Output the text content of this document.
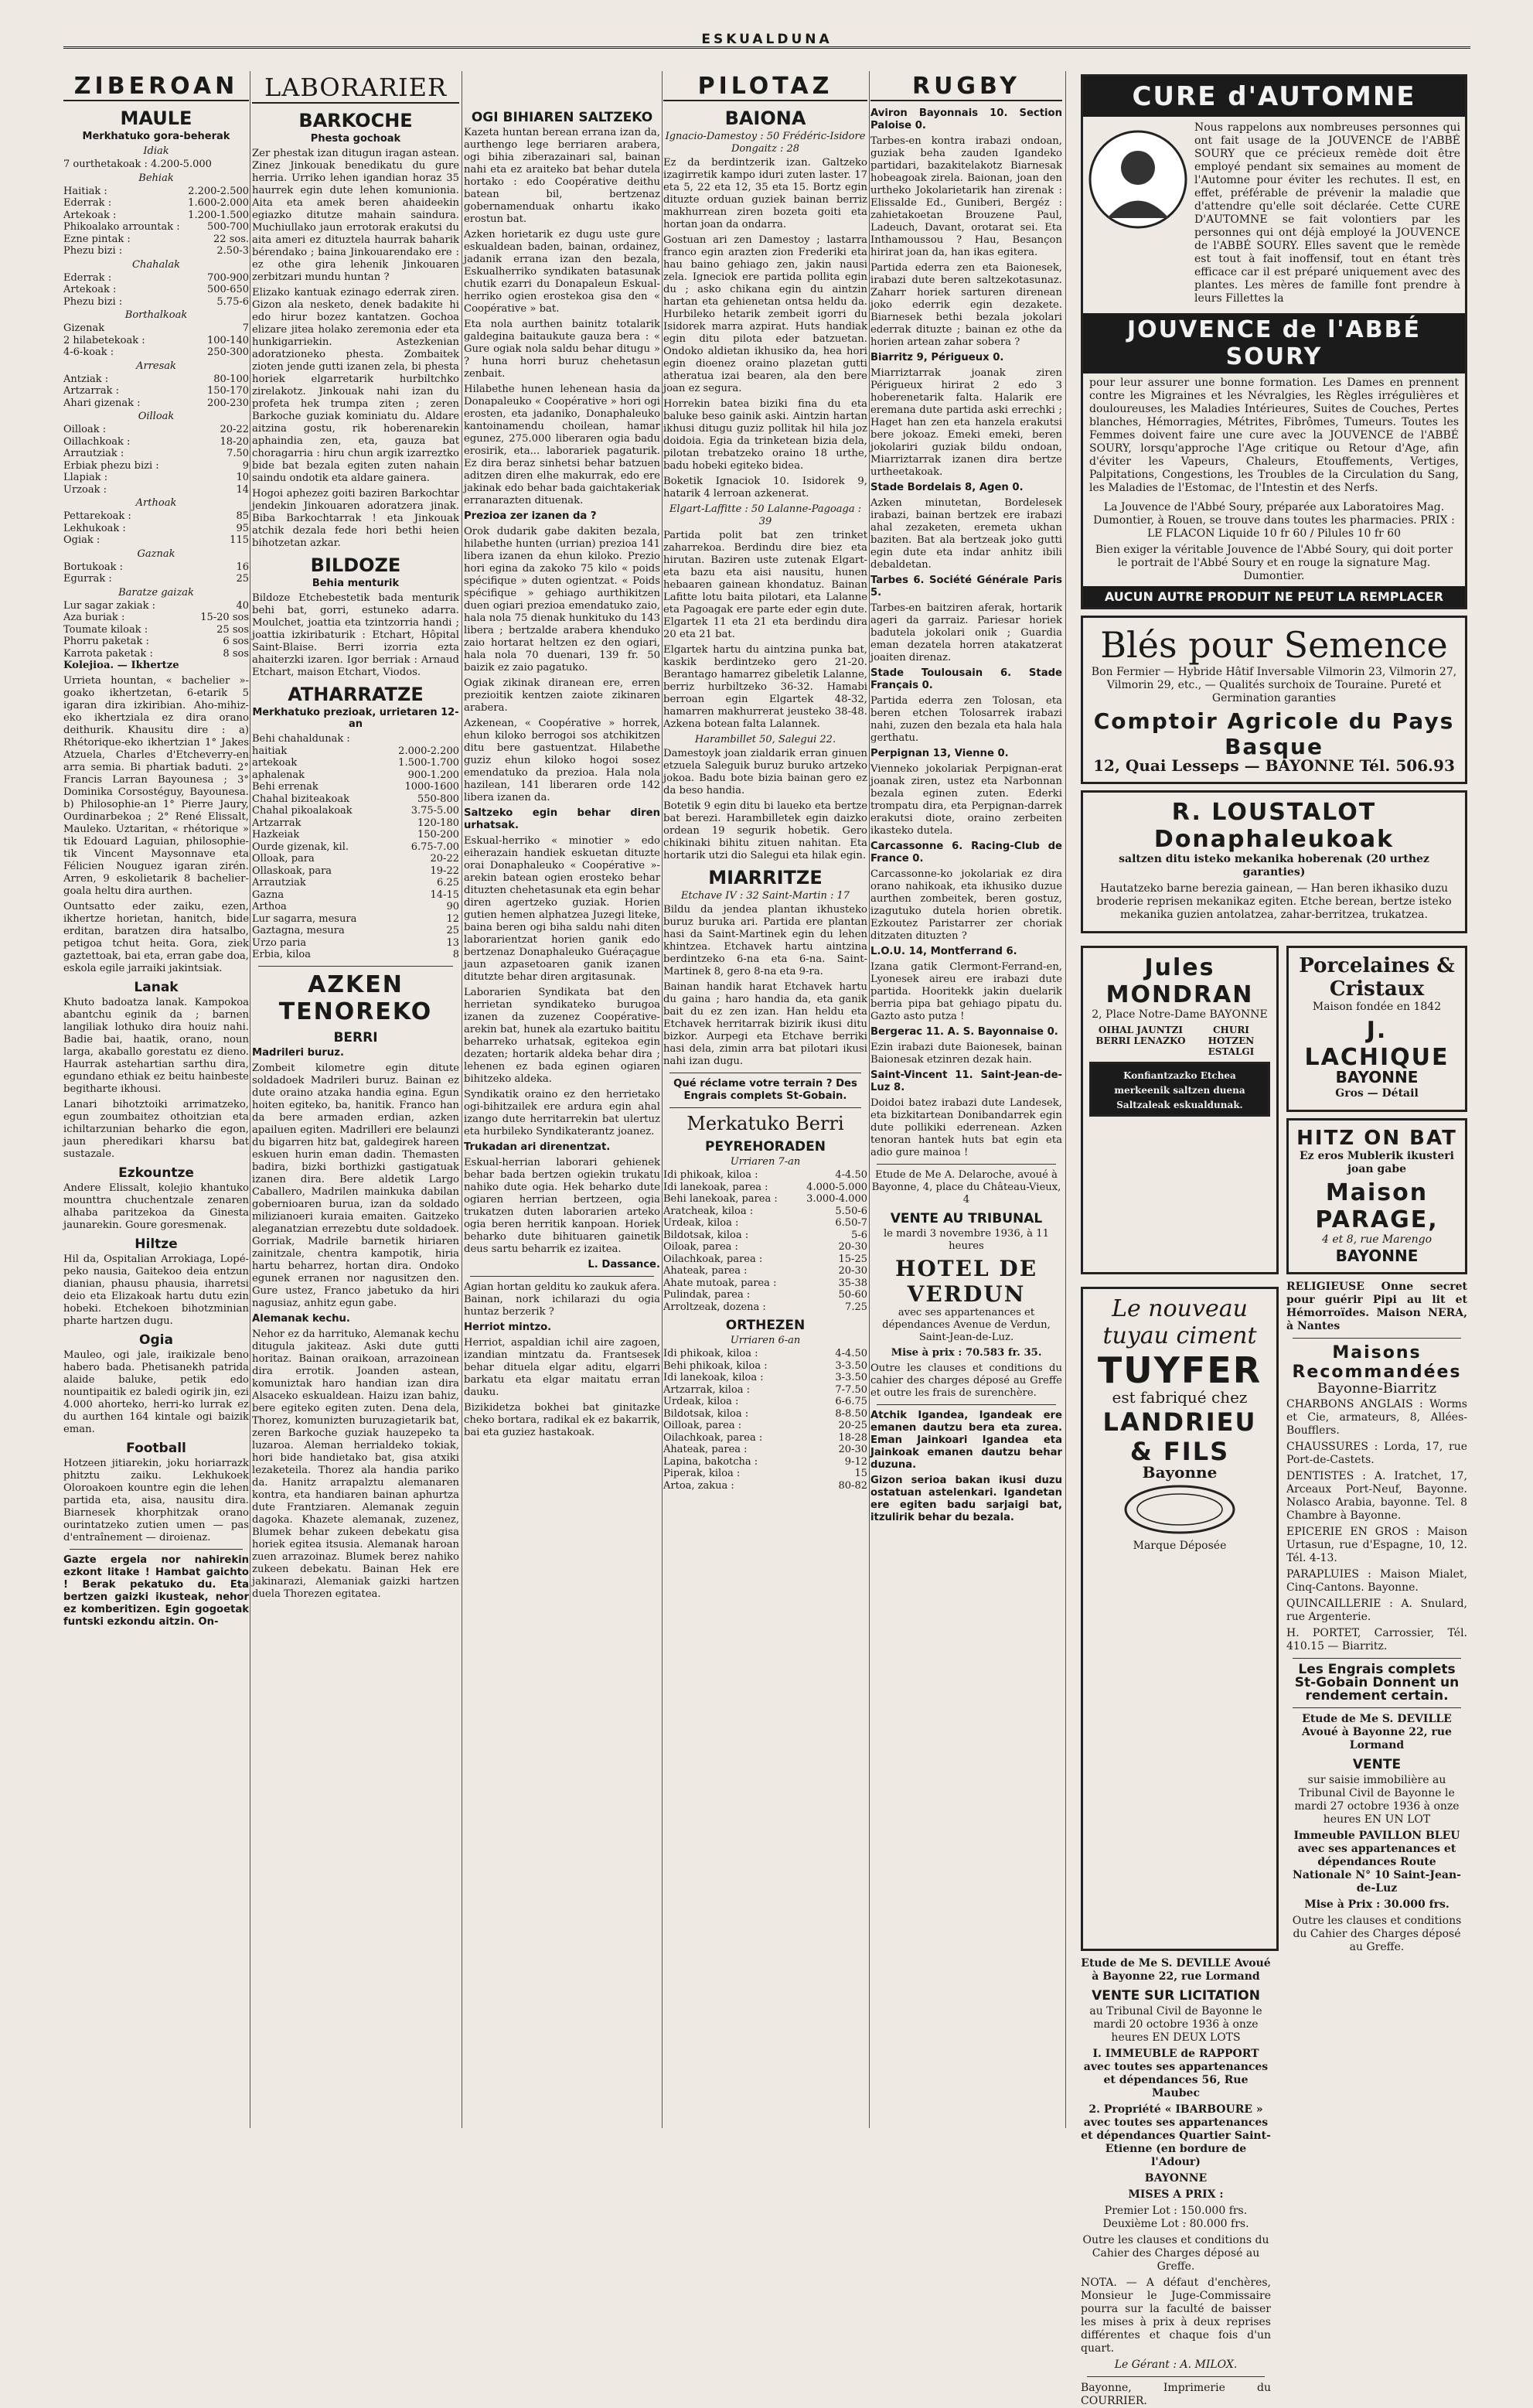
ESKUALDUNA
ZIBEROAN
MAULE
Merkhatuko gora-beherak
Idiak
7 ourthetakoak : 4.200-5.000
Behiak
Haitiak :	2.200-2.500
Ederrak :	1.600-2.000
Artekoak :	1.200-1.500
Phikoalako arrountak :	500-700
Ezne pintak :	22 sos.
Phezu bizi :	2.50-3
Chahalak
Ederrak :	700-900
Artekoak :	500-650
Phezu bizi :	5.75-6
Borthalkoak
Gizenak	7
2 hilabetekoak :	100-140
4-6-koak :	250-300
Arresak
Antziak :	80-100
Artzarrak :	150-170
Ahari gizenak :	200-230
Oilloak
Oilloak :	20-22
Oillachkoak :	18-20
Arrautziak :	7.50
Erbiak phezu bizi :	9
Llapiak :	10
Urzoak :	14
Arthoak
Pettarekoak :	85
Lekhukoak :	95
Ogiak :	115
Gaznak
Bortukoak :	16
Egurrak :	25
Baratze gaizak
Lur sagar zakiak :	40
Aza buriak :	15-20 sos
Toumate kiloak :	25 sos
Phorru paketak :	6 sos
Karrota paketak :	8 sos

Kolejioa. — Ikhertze

Urrieta hountan, « bachelier »-goako ikhertzetan, 6-etarik 5 igaran dira izkiribian. Aho-mihiz-eko ikhertziala ez dira orano deithurik. Khausitu dire : a) Rhétorique-eko ikhertzian 1° Jakes Atzuela, Charles d'Etcheverry-en arra semia. Bi phartiak baduti. 2° Francis Larran Bayounesa ; 3° Dominika Corsostéguy, Bayounesa. b) Philosophie-an 1° Pierre Jaury, Ourdinarbekoa ; 2° René Elissalt, Mauleko. Uztaritan, « rhétorique » tik Edouard Laguian, philosophie-tik Vincent Maysonnave eta Félicien Nouguez igaran zirén. Arren, 9 eskolietarik 8 bachelier-goala heltu dira aurthen.

Ountsatto eder zaiku, ezen, ikhertze horietan, hanitch, bide erditan, baratzen dira hatsalbo, petigoa tchut heita. Gora, ziek gaztettoak, bai eta, erran gabe doa, eskola egile jarraiki jakintsiak.

Lanak

Khuto badoatza lanak. Kampokoa abantchu eginik da ; barnen langiliak lothuko dira houiz nahi. Badie bai, haatik, orano, noun larga, akaballo gorestatu ez dieno. Haurrak astehartian sarthu dira, egundano ethiak ez beitu hainbeste begitharte ikhousi.

Lanari bihotztoiki arrimatzeko, egun zoumbaitez othoitzian eta ichiltarzunian beharko die egon, jaun pheredikari kharsu bat sustazalе.

Ezkountze

Andere Elissalt, kolejio khantuko mounttra chuchentzale zenaren alhaba paritzekoa da Ginesta jaunarekin. Goure goresmenak.

Hiltze

Hil da, Ospitalian Arrokiaga, Lopé-peko nausia, Gaitekoo deia entzun dianian, phausu phausia, iharretsi deio eta Elizakoak hartu dutu ezin hobeki. Etchekoen bihotzminian pharte hartzen dugu.

Ogia

Mauleo, ogi jale, iraikizale beno habero bada. Phetisanekh patrida alaide baluke, petik edo nountipaitik ez baledi ogirik jin, ezi 4.000 ahorteko, herri-ko lurrak ez du aurthen 164 kintale ogi baizik eman.

Football

Hotzeen jitiarekin, joku horiarrazk phitztu zaiku. Lekhukoek Oloroakoen kountre egin die lehen partida eta, aisa, nausitu dira. Biarnesek khorphitzak orano ourintatzeko zutien umen — pas d'entraînement — diroienaz.

Gazte ergela nor nahirekin ezkont litake ! Hambat gaichto ! Berak pekatuko du. Eta bertzen gaizki ikusteak, nehor ez komberitizen. Egin gogoetak funtski ezkondu aitzin. On-

LABORARIER
BARKOCHE
Phesta gochoak

Zer phestak izan ditugun iragan astean. Zinez Jinkouak benedikatu du gure herria. Urriko lehen igandian horaz 35 haurrek egin dute lehen komunionia. Aita eta amek beren ahaideekin egiazko ditutze mahain saindura. Muchiullako jaun errotorak erakutsi du aita ameri ez dituztela haurrak baharik bérendako ; baina Jinkouarendako ere : ez othe gira lehenik Jinkouaren zerbitzari mundu huntan ?

Elizako kantuak ezinago ederrak ziren. Gizon ala nesketo, denek badakite hi edo hirur bozez kantatzen. Gochoa elizare jitea holako zeremonia eder eta hunkigarriekin. Astezkenian adoratzioneko phesta. Zombaitek zioten jende gutti izanen zela, bi phesta horiek elgarretarik hurbiltchko zirelakotz. Jinkouak nahi izan du profeta hek trumpa ziten ; zeren Barkoche guziak kominiatu du. Aldare aitzina gostu, rik hoberenarekin aphaindia zen, eta, gauza bat choragarria : hiru chun argik izarreztko bide bat bezala egiten zuten nahain saindu ondotik eta aldare gainera.

Hogoi aphezez goiti baziren Barkochtar jendekin Jinkouaren adoratzera jinak. Biba Barkochtarrak ! eta Jinkouak atchik dezala fede hori bethi heien bihotzetan azkar.

BILDOZE
Behia menturik

Bildoze Etchebestetik bada menturik behi bat, gorri, estuneko adarra. Moulchet, joattia eta tzintzorria handi ; joattia izkiribaturik : Etchart, Hôpital Saint-Blaise. Berri izorria ezta ahaiterzki izaren. Igor berriak : Arnaud Etchart, maison Etchart, Viodos.

ATHARRATZE
Merkhatuko prezioak, urrietaren 12-an
Behi chahaldunak :
haitiak	2.000-2.200
artekoak	1.500-1.700
aphalenak	900-1.200
Behi errenak	1000-1600
Chahal biziteakoak	550-800
Chahal pikoalakoak	3.75-5.00
Artzarrak	120-180
Hazkeiak	150-200
Ourde gizenak, kil.	6.75-7.00
Olloak, para	20-22
Ollaskoak, para	19-22
Arrautziak	6.25
Gazna	14-15
Arthoa	90
Lur sagarra, mesura	12
Gaztagna, mesura	25
Urzo paria	13
Erbia, kiloa	8
AZKEN TENOREKO
BERRI

Madrileri buruz.

Zombeit kilometre egin ditute soldadoek Madrileri buruz. Bainan ez dute oraino atzaka handia egina. Egun hoiten egiteko, ba, hanitik. Franco han da bere armaden erdian, azken apailuen egiten. Madrilleri ere belaunzi du bigarren hitz bat, galdegirek hareen eskuen hurin eman dadin. Themasten badira, bizki borthizki gastigatuak izanen dira. Bere aldetik Largo Caballero, Madrilen mainkuka dabilan gobernioaren burua, izan da soldado milizianoeri kuraia emaiten. Gaitzeko aleganatzian errezebtu dute soldadoek. Gorriak, Madrile barnetik hiriaren zainitzale, chentra kampotik, hiria hartu beharrez, hortan dira. Ondoko egunek erranen nor nagusitzen den. Gure ustez, Franco jabetuko da hiri nagusiaz, anhitz egun gabe.

Alemanak kechu.

Nehor ez da harrituko, Alemanak kechu ditugula jakiteaz. Aski dute gutti horitaz. Bainan oraikoan, arrazoinean dira errotik. Joanden astean, komuniztak haro handian izan dira Alsaceko eskualdean. Haizu izan bahiz, bere egiteko egiten zuten. Dena dela, Thorez, komunizten buruzagietarik bat, zeren Barkoche guziak hauzepeko ta luzaroa. Aleman herrialdeko tokiak, hori bide handietako bat, gisa atxiki lezaketeila. Thorez ala handia pariko da. Hanitz arrapalztu alemanaren kontra, eta handiaren bainan aphurtza dute Frantziaren. Alemanak zeguin dagoka. Khazete alemanak, zuzenez, Blumek behar zukeen debekatu gisa horiek egitea itsusia. Alemanak haroan zuen arrazoinaz. Blumek berez nahiko zukeen debekatu. Bainan Hek ere jakinarazi, Alemaniak gaizki hartzen duela Thorezen egitatea.

OGI BIHIAREN SALTZEKO

Kazeta huntan berean erranа izan da, aurthengo lege berriaren arabera, ogi bihia ziberazainari sal, bainan nahi eta ez araiteko bat behar dutela hortako : edo Coopérative deithu batean bil, bertzenaz gobernamenduak onhartu ikako erostun bat.

Azken horietarik ez dugu uste gure eskualdean baden, bainan, ordainez, jadanik errana izan den bezala, Eskualherriko syndikaten batasunak chutik ezarri du Donapaleun Eskual-herriko ogien erostekoa gisa den « Coopérative » bat.

Eta nola aurthen bainitz totalarik galdegina baitaukute gauza bera : « Gure ogiak nola saldu behar ditugu » ? huna horri buruz chehetasun zenbait.

Hilabethe hunen lehenean hasia da Donapaleuko « Coopérative » hori ogi erosten, eta jadaniko, Donaphaleuko kantoinamendu choilean, hamar egunez, 275.000 liberaren ogia badu erosirik, eta... laborariek pagaturik. Ez dira beraz sinhetsi behar batzuen aditzen diren elhe makurrak, edo ere jakinak edo behar bada gaichtakeriak erranarazten dituenak.

Prezioa zer izanen da ?

Orok dudarik gabe dakiten bezala, hilabethe hunten (urrian) prezioa 141 libera izanen da ehun kiloko. Prezio hori egina da zakoko 75 kilo « poids spécifique » duten ogientzat. « Poids spécifique » gehiago aurthikitzen duen ogiari prezioa emendatuko zaio, hala nola 75 dienak hunkituko du 143 libera ; bertzalde arabera khenduko zaio hortarat heltzen ez den ogiari, hala nola 70 duenari, 139 fr. 50 baizik ez zaio pagatuko.

Ogiak zikinak diranean ere, erren prezioitik kentzen zaiote zikinaren arabera.

Azkenean, « Coopérative » horrek, ehun kiloko berrogoi sos atchikitzen ditu bere gastuentzat. Hilabethe guziz ehun kiloko hogoi sosez emendatuko da prezioa. Hala nola hazilean, 141 liberaren orde 142 libera izanen da.

Saltzeko egin behar diren urhatsak.

Eskual-herriko « minotier » edo eiherazain handiek eskuetan dituzte orai Donaphaleuko « Coopérative »-arekin batean ogien erosteko behar dituzten chehetasunak eta egin behar diren agertzeko guziak. Horien gutien hemen alphatzea Juzegi liteke, baina beren ogi biha saldu nahi diten laborarientzat horien ganik edo bertzenaz Donaphaleuko Guéraçague jaun azpasetoaren ganik izanen ditutzte behar diren argitasunak.

Laborarien Syndikata bat den herrietan syndikateko burugoa izanen da zuzenez Coopérative-arekin bat, hunek ala ezartuko baititu beharreko urhatsak, egitekoa egin dezaten; hortarik aldeka behar dira ; lehenen ez bada eginen ogiaren bihitzeko aldeka.

Syndikatik oraino ez den herrietako ogi-bihitzailek ere ardura egin ahal izango dute herritarrekin bat ulertuz eta hurbileko Syndikaterantz joanez.

Trukadan ari direnentzat.

Eskual-herrian laborari gehienek behar bada bertzen ogiekin trukatu nahiko dute ogia. Hek beharko dute ogiaren herrian bertzeen, ogia trukatzen duten laborarien arteko ogia beren herritik kanpoan. Horiek beharko dute bihituaren gainetik deus sartu beharrik ez izaitea.

L. Dassance.

Agian hortan gelditu ko zaukuk afera. Bainan, nork ichilarazi du ogia huntaz berzerik ?

Herriot mintzo.

Herriot, aspaldian ichil aire zagoen, izandian mintzatu da. Frantsesek behar dituela elgar aditu, elgarri barkatu eta elgar maitatu erran dauku.

Bizikidetza bokhei bat ginitazke cheko bortara, radikal ek ez bakarrik, bai eta guziez hastakoak.

PILOTAZ
BAIONA

Ignacio-Damestoy : 50 Frédéric-Isidore Dongaitz : 28

Ez da berdintzerik izan. Galtzeko izagirretik kampo iduri zuten laster. 17 eta 5, 22 eta 12, 35 eta 15. Bortz egin dituzte orduan guziek bainan berriz makhurrean ziren bozeta goiti eta hortan joan da ondarra.

Gostuan ari zen Damestoy ; lastarra franco egin arazten zion Frederiki eta hau baino gehiago zen, jakin nausi zela. Igneciok ere partida pollita egin du ; asko chikana egin du aintzin hartan eta gehienetan ontsa heldu da. Hurbileko hetarik zembeit igorri du Isidorek marra azpirat. Huts handiak egin ditu pilota eder batzuetan. Ondoko aldietan ikhusiko da, hea hori egin dioenez oraino plazetan gutti atheratua izai bearen, ala den bere joan ez segura.

Horrekin batea biziki fina du eta baluke beso gainik aski. Aintzin hartan ikhusi ditugu guziz pollitak hil hila joz doidoia. Egia da trinketean bizia dela, pilotan trebatzeko oraino 18 urthe, badu hobeki egiteko bidea.

Boketik Ignaciok 10. Isidorek 9, hatarik 4 lerroan azkenerat.

Elgart-Laffitte : 50 Lalanne-Pagoaga : 39

Partida polit bat zen trinket zaharrekoa. Berdindu dire biez eta hirutan. Baziren uste zutenak Elgart-eta bazu eta aisi nausitu, hunen hebaaren gainean khondatuz. Bainan Lafitte lotu baita pilotari, eta Lalanne eta Pagoagak ere parte eder egin dute. Elgartek 11 eta 21 eta berdindu dira 20 eta 21 bat.

Elgartek hartu du aintzina punka bat, kaskik berdintzeko gero 21-20. Berantago hamarrez gibeletik Lalanne, berriz hurbiltzeko 36-32. Hamabi berroan egin Elgartek 48-32, hamarren makhurrerat jeusteko 38-48. Azkena botean falta Lalannek.

Harambillet 50, Salegui 22.

Damestoyk joan zialdarik erran ginuen etzuela Saleguik buruz buruko artzeko jokoa. Badu bote bizia bainan gero ez da beso handia.

Botetik 9 egin ditu bi laueko eta bertze bat berezi. Harambilletek egin daizko ordean 19 segurik hobetik. Gero chikinaki bihitu zituen nahitan. Eta hortarik utzi dio Salegui eta hilak egin.

MIARRITZE

Etchave IV : 32 Saint-Martin : 17

Bildu da jendea plantan ikhusteko buruz buruka ari. Partida ere plantan hasi da Saint-Martinek egin du lehen khintzea. Etchavek hartu aintzina berdintzeko 6-na eta 6-na. Saint-Martinek 8, gero 8-na eta 9-ra.

Bainan handik harat Etchavek hartu du gaina ; haro handia da, eta ganik bait du ez zen izan. Han heldu eta Etchavek herritarrak bizirik ikusi ditu bizkor. Aurpegi eta Etchave berriki hasi dela, zimin arra bat pilotari ikusi nahi izan dugu.

Qué réclame votre terrain ? Des Engrais complets St-Gobain.

Merkatuko Berri
PEYREHORADEN
Urriaren 7-an
Idi phikoak, kiloa :	4-4.50
Idi lanekoak, parea :	4.000-5.000
Behi lanekoak, parea :	3.000-4.000
Aratcheak, kiloa :	5.50-6
Urdeak, kiloa :	6.50-7
Bildotsak, kiloa :	5-6
Oiloak, parea :	20-30
Oilachkoak, parea :	15-25
Ahateak, parea :	20-30
Ahate mutoak, parea :	35-38
Pulindak, parea :	50-60
Arroltzeak, dozena :	7.25
ORTHEZEN
Urriaren 6-an
Idi phikoak, kiloa :	4-4.50
Behi phikoak, kiloa :	3-3.50
Idi lanekoak, kiloa :	3-3.50
Artzarrak, kiloa :	7-7.50
Urdeak, kiloa :	6-6.75
Bildotsak, kiloa :	8-8.50
Oilloak, parea :	20-25
Oilachkoak, parea :	18-28
Ahateak, parea :	20-30
Lapina, bakotcha :	9-12
Piperak, kiloa :	15
Artoa, zakua :	80-82
RUGBY

Aviron Bayonnais 10. Section Paloise 0.

Tarbes-en kontra irabazi ondoan, guziak beha zauden Igandeko partidari, bazakitelakotz Biarnesak hobeagoak zirela. Baionan, joan den urtheko Jokolarietarik han zirenak : Elissalde Ed., Guniberi, Bergéz : zahietakoetan Brouzene Paul, Ladeuch, Davant, orotarat sei. Eta Inthamoussou ? Hau, Besançon hirirat joan da, han ikas egitera.

Partida ederra zen eta Baionesek, irabazi dute beren saltzekotasunaz. Zaharr horiek sarturen direnean joko ederrik egin dezakete. Biarnesek bethi bezala jokolari ederrak dituzte ; bainan ez othe da horien artean zahar sobera ?

Biarritz 9, Périgueux 0.

Miarriztarrak joanak ziren Périgueux hirirat 2 edo 3 hoberenetarik falta. Halarik ere eremana dute partida aski errechki ; Haget han zen eta hanzela erakutsi bere jokoaz. Emeki emeki, beren jokolariri guziak bildu ondoan, Miarriztarrak izanen dira bertze urtheetakoak.

Stade Bordelais 8, Agen 0.

Azken minutetan, Bordelesek irabazi, bainan bertzek ere irabazi ahal zezaketen, eremeta ukhan baziten. Bat ala bertzeak joko gutti egin dute eta indar anhitz ibili debaldetan.

Tarbes 6. Société Générale Paris 5.

Tarbes-en baitziren aferak, hortarik ageri da garraiz. Pariesar horiek badutela jokolari onik ; Guardia eman dezatela horren atakatzerat joaiten direnaz.

Stade Toulousain 6. Stade Français 0.

Partida ederra zen Tolosan, eta beren etchen Tolosarrek irabazi nahi, zuzen den bezala eta hala hala gerthatu.

Perpignan 13, Vienne 0.

Vienneko jokolariak Perpignan-erat joanak ziren, ustez eta Narbonnan bezala eginen zuten. Ederki trompatu dira, eta Perpignan-darrek erakutsi diote, oraino zerbeiten ikasteko dutela.

Carcassonne 6. Racing-Club de France 0.

Carcassonne-ko jokolariak ez dira orano nahikoak, eta ikhusiko duzue aurthen zombeitek, beren gostuz, izagutuko dutela horien obretik. Ezkoutez Paristarrer zer choriak ditzaten dituzten ?

L.O.U. 14, Montferrand 6.

Izana gatik Clermont-Ferrand-en, Lyonesek aireu ere irabazi dute partida. Hooritekk jakin duelarik berria pipa bat gehiago pipatu du. Gazto asto putza !

Bergerac 11. A. S. Bayonnaise 0.

Ezin irabazi dute Baionesek, bainan Baionesak etzinren dezak hain.

Saint-Vincent 11. Saint-Jean-de-Luz 8.

Doidoi batez irabazi dute Landesek, eta bizkitartean Donibandarrek egin dute pollikiki ederrenean. Azken tenoran hantek huts bat egin eta adio gure mainoa !

Etude de Me A. Delaroche, avoué à Bayonne, 4, place du Château-Vieux, 4

VENTE AU TRIBUNAL

le mardi 3 novembre 1936, à 11 heures

HOTEL DE VERDUN

avec ses appartenances et dépendances Avenue de Verdun, Saint-Jean-de-Luz.

Mise à prix : 70.583 fr. 35.

Outre les clauses et conditions du cahier des charges déposé au Greffe et outre les frais de surenchère.

Atchik Igandea, Igandeak ere emanen dautzu bera eta zurea. Eman Jainkoari Igandea eta Jainkoak emanen dautzu behar duzuna.

Gizon serioa bakan ikusi duzu ostatuan astelenkari. Igandetan ere egiten badu sarjaigi bat, itzulirik behar du bezala.

CURE d'AUTOMNE

Nous rappelons aux nombreuses personnes qui ont fait usage de la JOUVENCE de l'ABBÉ SOURY que ce précieux remède doit être employé pendant six semaines au moment de l'Automne pour éviter les rechutes. Il est, en effet, préférable de prévenir la maladie que d'attendre qu'elle soit déclarée. Cette CURE D'AUTOMNE se fait volontiers par les personnes qui ont déjà employé la JOUVENCE de l'ABBÉ SOURY. Elles savent que le remède est tout à fait inoffensif, tout en étant très efficace car il est préparé uniquement avec des plantes. Les mères de famille font prendre à leurs Fillettes la

JOUVENCE de l'ABBÉ SOURY

pour leur assurer une bonne formation. Les Dames en prennent contre les Migraines et les Névralgies, les Règles irrégulières et douloureuses, les Maladies Intérieures, Suites de Couches, Pertes blanches, Hémorragies, Métrites, Fibrômes, Tumeurs. Toutes les Femmes doivent faire une cure avec la JOUVENCE de l'ABBÉ SOURY, lorsqu'approche l'Age critique ou Retour d'Age, afin d'éviter les Vapeurs, Chaleurs, Etouffements, Vertiges, Palpitations, Congestions, les Troubles de la Circulation du Sang, les Maladies de l'Estomac, de l'Intestin et des Nerfs.

La Jouvence de l'Abbé Soury, préparée aux Laboratoires Mag. Dumontier, à Rouen, se trouve dans toutes les pharmacies. PRIX : LE FLACON Liquide 10 fr 60 / Pilules 10 fr 60

Bien exiger la véritable Jouvence de l'Abbé Soury, qui doit porter le portrait de l'Abbé Soury et en rouge la signature Mag. Dumontier.

AUCUN AUTRE PRODUIT NE PEUT LA REMPLACER
Blés pour Semence

Bon Fermier — Hybride Hâtif Inversable Vilmorin 23, Vilmorin 27, Vilmorin 29, etc., — Qualités surchoix de Touraine. Pureté et Germination garanties

Comptoir Agricole du Pays Basque

12, Quai Lesseps — BAYONNE Tél. 506.93

R. LOUSTALOT Donaphaleukoak

saltzen ditu isteko mekanika hoberenak (20 urthez garanties)

Hautatzeko barne berezia gainean, — Han beren ikhasiko duzu broderie reprisen mekanikaz egiten. Etche berean, bertze isteko mekanika guzien antolatzea, zahar-berritzea, trukatzea.

Jules MONDRAN

2, Place Notre-Dame BAYONNE

OIHAL JAUNTZI BERRI LENAZKO
CHURI HOTZEN ESTALGI
Konfiantzazko Etchea merkeenik saltzen duena Saltzaleak eskualdunak.
Porcelaines & Cristaux

Maison fondée en 1842

J. LACHIQUE

BAYONNE

Gros — Détail

HITZ ON BAT

Ez eros Mublerik ikusteri joan gabe

Maison PARAGE,

4 et 8, rue Marengo

BAYONNE

Le nouveau tuyau ciment
TUYFER

est fabriqué chez

LANDRIEU & FILS

Bayonne

Marque Déposée

RELIGIEUSE Onne secret pour guérir Pipi au lit et Hémorroïdes. Maison NERA, à Nantes

Maisons Recommandées

Bayonne-Biarritz

CHARBONS ANGLAIS : Worms et Cie, armateurs, 8, Allées-Boufflers.

CHAUSSURES : Lorda, 17, rue Port-de-Castets.

DENTISTES : A. Iratchet, 17, Arceaux Port-Neuf, Bayonne. Nolasco Arabia, bayonne. Tel. 8 Chambre à Bayonne.

EPICERIE EN GROS : Maison Urtasun, rue d'Espagne, 10, 12. Tél. 4-13.

PARAPLUIES : Maison Mialet, Cinq-Cantons. Bayonne.

QUINCAILLERIE : A. Snulard, rue Argenterie.

H. PORTET, Carrossier, Tél. 410.15 — Biarritz.

Les Engrais complets St-Gobain Donnent un rendement certain.

Etude de Me S. DEVILLE Avoué à Bayonne 22, rue Lormand

VENTE

sur saisie immobilière au Tribunal Civil de Bayonne le mardi 27 octobre 1936 à onze heures EN UN LOT

Immeuble PAVILLON BLEU avec ses appartenances et dépendances Route Nationale N° 10 Saint-Jean-de-Luz

Mise à Prix : 30.000 frs.

Outre les clauses et conditions du Cahier des Charges déposé au Greffe.

Etude de Me S. DEVILLE Avoué à Bayonne 22, rue Lormand

VENTE SUR LICITATION

au Tribunal Civil de Bayonne le mardi 20 octobre 1936 à onze heures EN DEUX LOTS

I. IMMEUBLE de RAPPORT avec toutes ses appartenances et dépendances 56, Rue Maubec

2. Propriété « IBARBOURE » avec toutes ses appartenances et dépendances Quartier Saint-Etienne (en bordure de l'Adour)

BAYONNE

MISES A PRIX :

Premier Lot : 150.000 frs. Deuxième Lot : 80.000 frs.

Outre les clauses et conditions du Cahier des Charges déposé au Greffe.

NOTA. — A défaut d'enchères, Monsieur le Juge-Commissaire pourra sur la faculté de baisser les mises à prix à deux reprises différentes et chaque fois d'un quart.

Le Gérant : A. MILOX.

Bayonne, Imprimerie du COURRIER.
